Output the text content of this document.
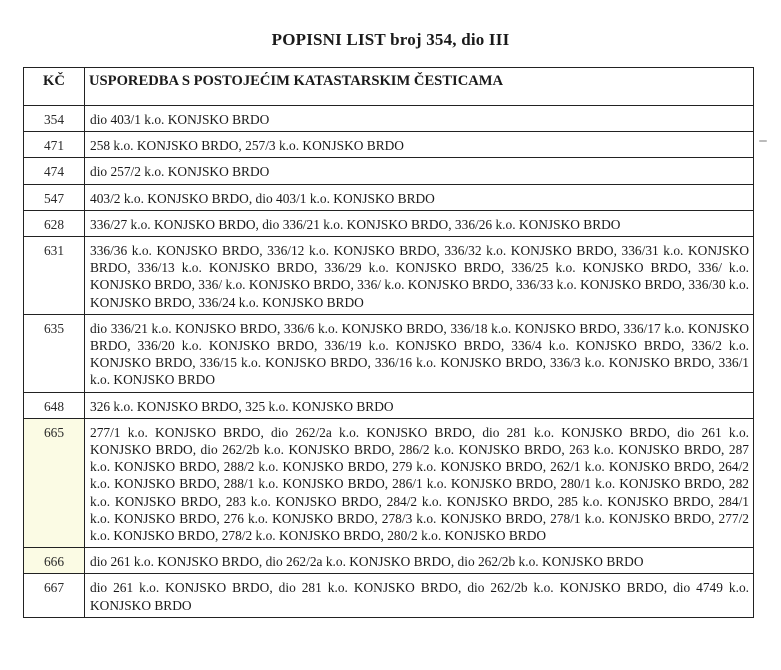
POPISNI LIST broj 354, dio III
KČ	USPOREDBA S POSTOJEĆIM KATASTARSKIM ČESTICAMA
354	dio 403/1 k.o. KONJSKO BRDO
471	258 k.o. KONJSKO BRDO, 257/3 k.o. KONJSKO BRDO
474	dio 257/2 k.o. KONJSKO BRDO
547	403/2 k.o. KONJSKO BRDO, dio 403/1 k.o. KONJSKO BRDO
628	336/27 k.o. KONJSKO BRDO, dio 336/21 k.o. KONJSKO BRDO, 336/26 k.o. KONJSKO BRDO
631	336/36 k.o. KONJSKO BRDO, 336/12 k.o. KONJSKO BRDO, 336/32 k.o. KONJSKO BRDO, 336/31 k.o. KONJSKO BRDO, 336/13 k.o. KONJSKO BRDO, 336/29 k.o. KONJSKO BRDO, 336/25 k.o. KONJSKO BRDO, 336/ k.o. KONJSKO BRDO, 336/ k.o. KONJSKO BRDO, 336/ k.o. KONJSKO BRDO, 336/33 k.o. KONJSKO BRDO, 336/30 k.o. KONJSKO BRDO, 336/24 k.o. KONJSKO BRDO
635	dio 336/21 k.o. KONJSKO BRDO, 336/6 k.o. KONJSKO BRDO, 336/18 k.o. KONJSKO BRDO, 336/17 k.o. KONJSKO BRDO, 336/20 k.o. KONJSKO BRDO, 336/19 k.o. KONJSKO BRDO, 336/4 k.o. KONJSKO BRDO, 336/2 k.o. KONJSKO BRDO, 336/15 k.o. KONJSKO BRDO, 336/16 k.o. KONJSKO BRDO, 336/3 k.o. KONJSKO BRDO, 336/1 k.o. KONJSKO BRDO
648	326 k.o. KONJSKO BRDO, 325 k.o. KONJSKO BRDO
665	277/1 k.o. KONJSKO BRDO, dio 262/2a k.o. KONJSKO BRDO, dio 281 k.o. KONJSKO BRDO, dio 261 k.o. KONJSKO BRDO, dio 262/2b k.o. KONJSKO BRDO, 286/2 k.o. KONJSKO BRDO, 263 k.o. KONJSKO BRDO, 287 k.o. KONJSKO BRDO, 288/2 k.o. KONJSKO BRDO, 279 k.o. KONJSKO BRDO, 262/1 k.o. KONJSKO BRDO, 264/2 k.o. KONJSKO BRDO, 288/1 k.o. KONJSKO BRDO, 286/1 k.o. KONJSKO BRDO, 280/1 k.o. KONJSKO BRDO, 282 k.o. KONJSKO BRDO, 283 k.o. KONJSKO BRDO, 284/2 k.o. KONJSKO BRDO, 285 k.o. KONJSKO BRDO, 284/1 k.o. KONJSKO BRDO, 276 k.o. KONJSKO BRDO, 278/3 k.o. KONJSKO BRDO, 278/1 k.o. KONJSKO BRDO, 277/2 k.o. KONJSKO BRDO, 278/2 k.o. KONJSKO BRDO, 280/2 k.o. KONJSKO BRDO
666	dio 261 k.o. KONJSKO BRDO, dio 262/2a k.o. KONJSKO BRDO, dio 262/2b k.o. KONJSKO BRDO
667	dio 261 k.o. KONJSKO BRDO, dio 281 k.o. KONJSKO BRDO, dio 262/2b k.o. KONJSKO BRDO, dio 4749 k.o. KONJSKO BRDO
